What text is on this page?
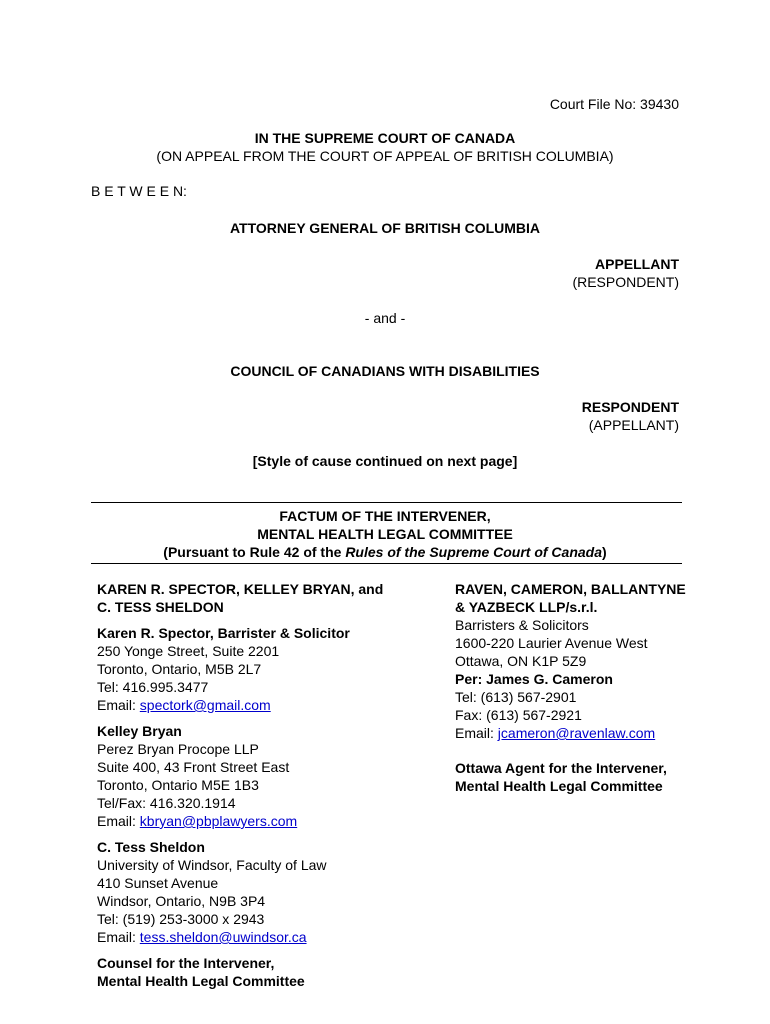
Court File No: 39430
IN THE SUPREME COURT OF CANADA
(ON APPEAL FROM THE COURT OF APPEAL OF BRITISH COLUMBIA)
B E T W E E N:
ATTORNEY GENERAL OF BRITISH COLUMBIA
APPELLANT
(RESPONDENT)
- and -
COUNCIL OF CANADIANS WITH DISABILITIES
RESPONDENT
(APPELLANT)
[Style of cause continued on next page]
FACTUM OF THE INTERVENER,
MENTAL HEALTH LEGAL COMMITTEE
(Pursuant to Rule 42 of the Rules of the Supreme Court of Canada)
KAREN R. SPECTOR, KELLEY BRYAN, and
C. TESS SHELDON
Karen R. Spector, Barrister & Solicitor
250 Yonge Street, Suite 2201
Toronto, Ontario, M5B 2L7
Tel: 416.995.3477
Email: spectork@gmail.com
Kelley Bryan
Perez Bryan Procope LLP
Suite 400, 43 Front Street East
Toronto, Ontario M5E 1B3
Tel/Fax: 416.320.1914
Email: kbryan@pbplawyers.com
C. Tess Sheldon
University of Windsor, Faculty of Law
410 Sunset Avenue
Windsor, Ontario, N9B 3P4
Tel: (519) 253-3000 x 2943
Email: tess.sheldon@uwindsor.ca
Counsel for the Intervener,
Mental Health Legal Committee
RAVEN, CAMERON, BALLANTYNE
& YAZBECK LLP/s.r.l.
Barristers & Solicitors
1600-220 Laurier Avenue West
Ottawa, ON K1P 5Z9
Per: James G. Cameron
Tel: (613) 567-2901
Fax: (613) 567-2921
Email: jcameron@ravenlaw.com
Ottawa Agent for the Intervener,
Mental Health Legal Committee
